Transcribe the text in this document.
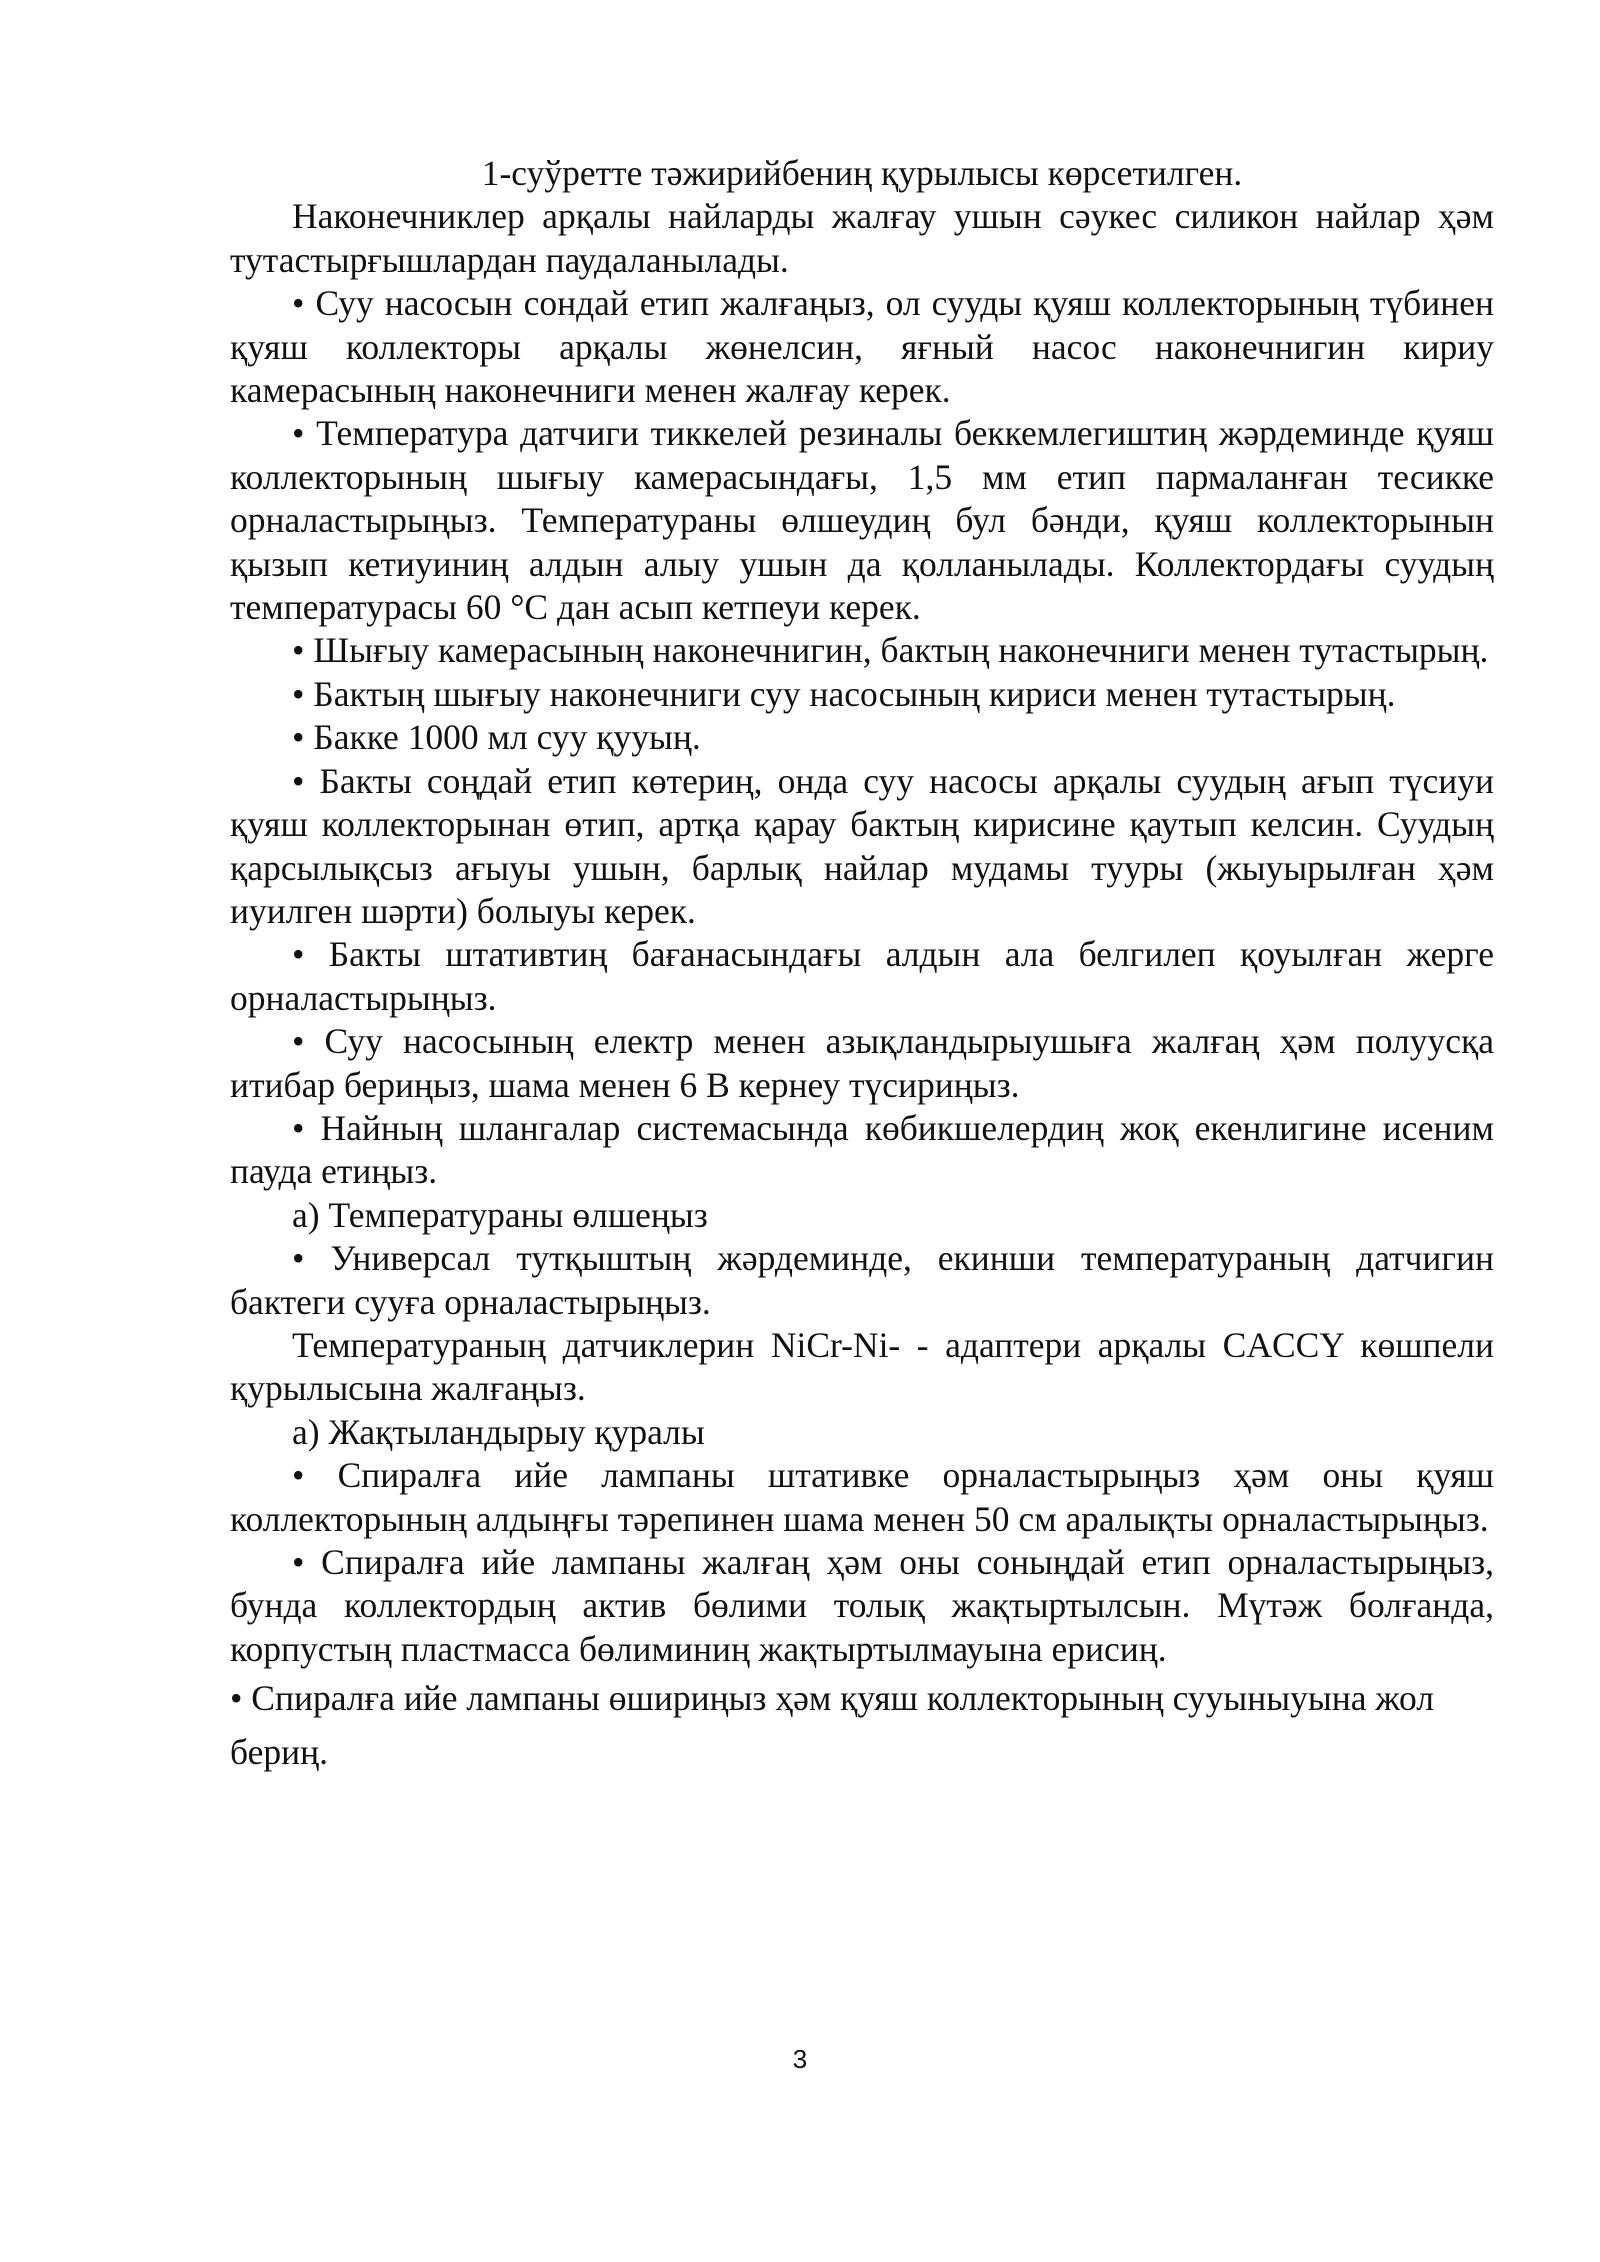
1-суўретте тәжирийбениң қурылысы көрсетилген.

Наконечниклер арқалы найларды жалғау ушын сәукес силикон найлар ҳәм тутастырғышлардан паудаланылады.

• Суу насосын сондай етип жалғаңыз, ол сууды қуяш коллекторының түбинен қуяш коллекторы арқалы жөнелсин, яғный насос наконечнигин кириу камерасының наконечниги менен жалғау керек.

• Температура датчиги тиккелей резиналы беккемлегиштиң жәрдеминде қуяш коллекторының шығыу камерасындағы, 1,5 мм етип пармаланған тесикке орналастырыңыз. Температураны өлшеудиң бул бәнди, қуяш коллекторынын қызып кетиуиниң алдын алыу ушын да қолланылады. Коллектордағы суудың температурасы 60 °С дан асып кетпеуи керек.

• Шығыу камерасының наконечнигин, бактың наконечниги менен тутастырың.

• Бактың шығыу наконечниги суу насосының кириси менен тутастырың.

• Бакке 1000 мл суу қууың.

• Бакты соңдай етип көтериң, онда суу насосы арқалы суудың ағып түсиуи қуяш коллекторынан өтип, артқа қарау бактың кирисине қаутып келсин. Суудың қарсылықсыз ағыуы ушын, барлық найлар мудамы тууры (жыуырылған ҳәм иуилген шәрти) болыуы керек.

• Бакты штативтиң бағанасындағы алдын ала белгилеп қоуылған жерге орналастырыңыз.

• Суу насосының електр менен азықландырыушыға жалғаң ҳәм полуусқа итибар бериңыз, шама менен 6 В кернеу түсириңыз.

• Найның шлангалар системасында көбикшелердиң жоқ екенлигине исеним пауда етиңыз.

а) Температураны өлшеңыз

• Универсал тутқыштың жәрдеминде, екинши температураның датчигин бактеги сууға орналастырыңыз.

Температураның датчиклерин NiCr-Ni- - адаптери арқалы CACCY көшпели қурылысына жалғаңыз.

а) Жақтыландырыу қуралы

• Спиралға ийе лампаны штативке орналастырыңыз ҳәм оны қуяш коллекторының алдыңғы тәрепинен шама менен 50 см аралықты орналастырыңыз.

• Спиралға ийе лампаны жалғаң ҳәм оны соныңдай етип орналастырыңыз, бунда коллектордың актив бөлими толық жақтыртылсын. Мүтәж болғанда, корпустың пластмасса бөлиминиң жақтыртылмауына ерисиң.

• Спиралға ийе лампаны өшириңыз ҳәм қуяш коллекторының сууыныуына жол бериң.

3
